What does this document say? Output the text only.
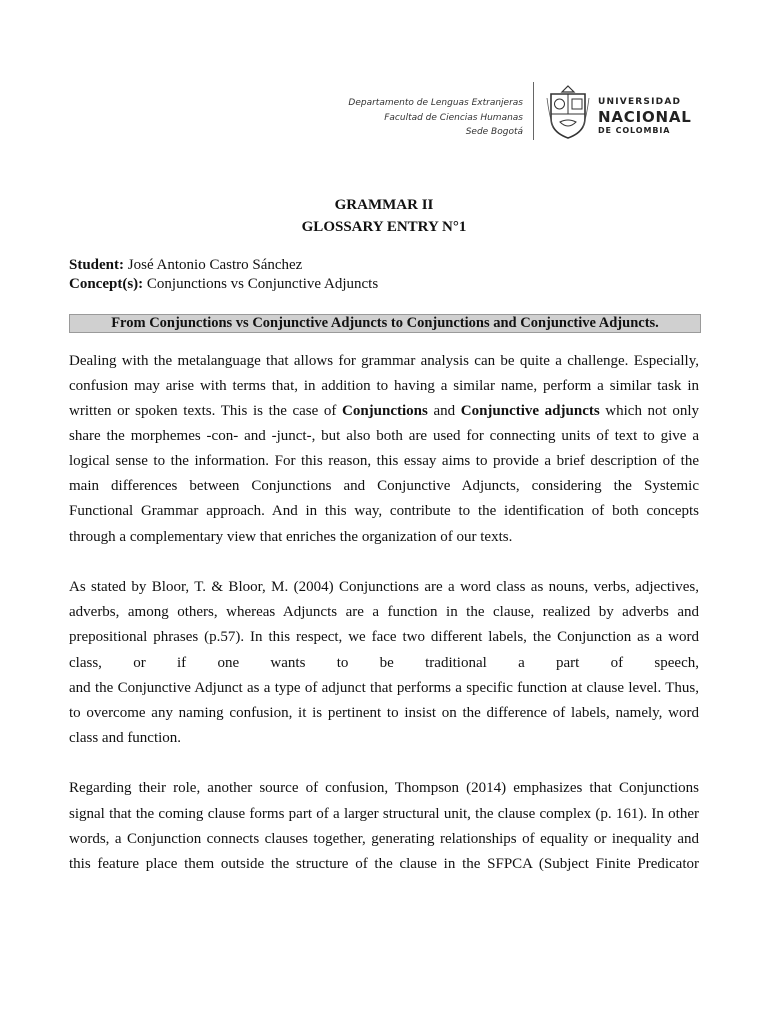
Departamento de Lenguas Extranjeras
Facultad de Ciencias Humanas
Sede Bogotá
UNIVERSIDAD
NACIONAL
DE COLOMBIA
GRAMMAR II
GLOSSARY ENTRY N°1
Student: José Antonio Castro Sánchez
Concept(s): Conjunctions vs Conjunctive Adjuncts
From Conjunctions vs Conjunctive Adjuncts to Conjunctions and Conjunctive Adjuncts.
Dealing with the metalanguage that allows for grammar analysis can be quite a challenge. Especially,
confusion may arise with terms that, in addition to having a similar name, perform a similar task in
written or spoken texts. This is the case of Conjunctions and Conjunctive adjuncts which not only
share the morphemes -con- and -junct-, but also both are used for connecting units of text to give a
logical sense to the information. For this reason, this essay aims to provide a brief description of the
main differences between Conjunctions and Conjunctive Adjuncts, considering the Systemic
Functional Grammar approach. And in this way, contribute to the identification of both concepts
through a complementary view that enriches the organization of our texts.
As stated by Bloor, T. & Bloor, M. (2004) Conjunctions are a word class as nouns, verbs, adjectives,
adverbs, among others, whereas Adjuncts are a function in the clause, realized by adverbs and
prepositional phrases (p.57). In this respect, we face two different labels, the Conjunction as a word
class, or if one wants to be traditional a part of speech,
and the Conjunctive Adjunct as a type of adjunct that performs a specific function at clause level. Thus,
to overcome any naming confusion, it is pertinent to insist on the difference of labels, namely, word
class and function.
Regarding their role, another source of confusion, Thompson (2014) emphasizes that Conjunctions
signal that the coming clause forms part of a larger structural unit, the clause complex (p. 161). In other
words, a Conjunction connects clauses together, generating relationships of equality or inequality and
this feature place them outside the structure of the clause in the SFPCA (Subject Finite Predicator
